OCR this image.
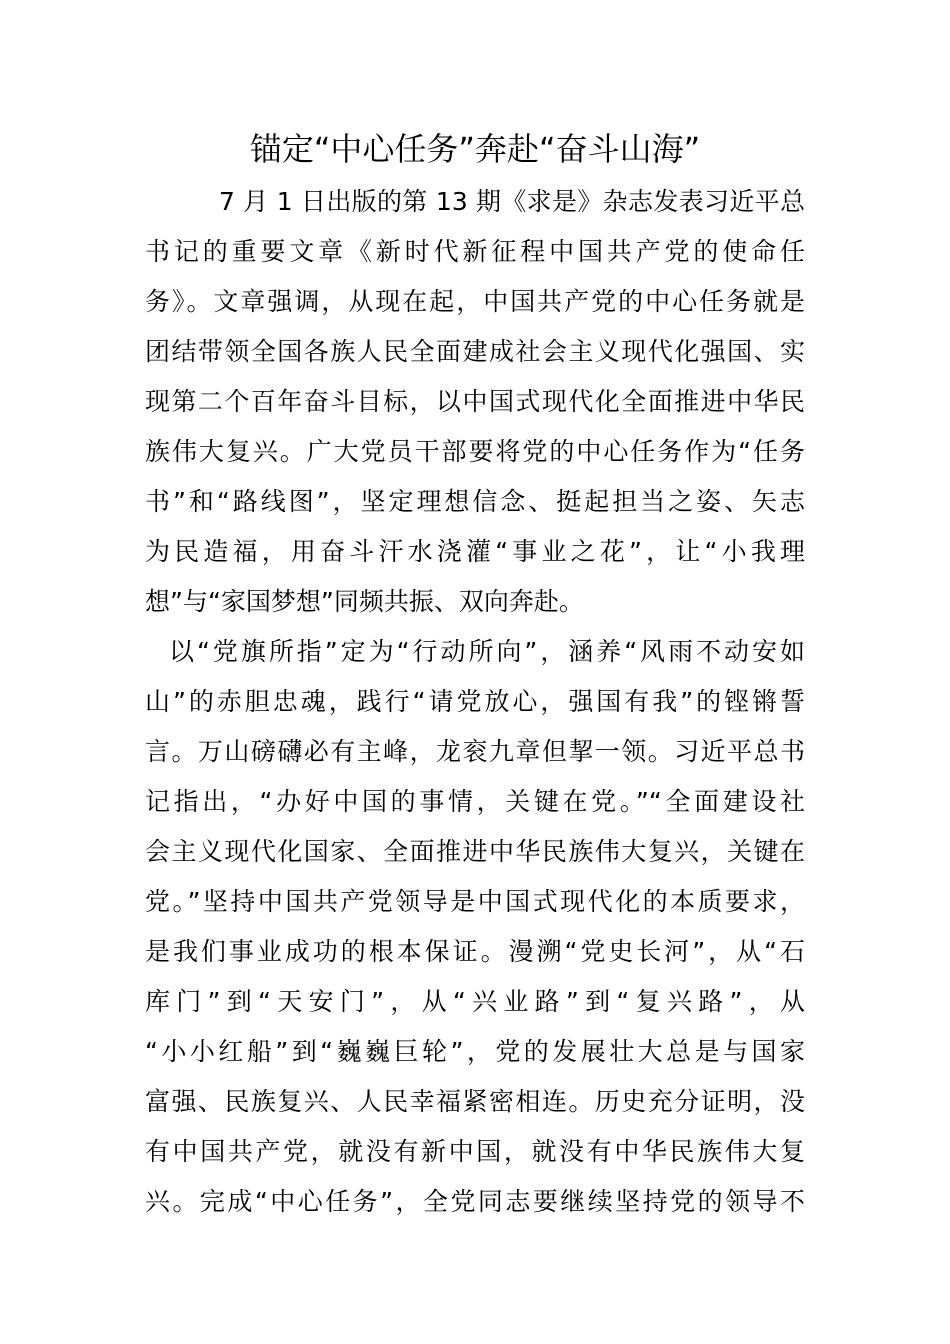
锚定“中心任务”奔赴“奋斗山海”
7 月 1 日出版的第 13 期《求是》杂志发表习近平总
书记的重要文章《新时代新征程中国共产党的使命任
务》。文章强调，从现在起，中国共产党的中心任务就是
团结带领全国各族人民全面建成社会主义现代化强国、实
现第二个百年奋斗目标，以中国式现代化全面推进中华民
族伟大复兴。广大党员干部要将党的中心任务作为“任务
书”和“路线图”，坚定理想信念、挺起担当之姿、矢志
为民造福，用奋斗汗水浇灌“事业之花”，让“小我理
想”与“家国梦想”同频共振、双向奔赴。
以“党旗所指”定为“行动所向”，涵养“风雨不动安如
山”的赤胆忠魂，践行“请党放心，强国有我”的铿锵誓
言。万山磅礴必有主峰，龙衮九章但挈一领。习近平总书
记指出，“办好中国的事情，关键在党。”“全面建设社
会主义现代化国家、全面推进中华民族伟大复兴，关键在
党。”坚持中国共产党领导是中国式现代化的本质要求，
是我们事业成功的根本保证。漫溯“党史长河”，从“石
库门”到“天安门”，从“兴业路”到“复兴路”，从
“小小红船”到“巍巍巨轮”，党的发展壮大总是与国家
富强、民族复兴、人民幸福紧密相连。历史充分证明，没
有中国共产党，就没有新中国，就没有中华民族伟大复
兴。完成“中心任务”，全党同志要继续坚持党的领导不
